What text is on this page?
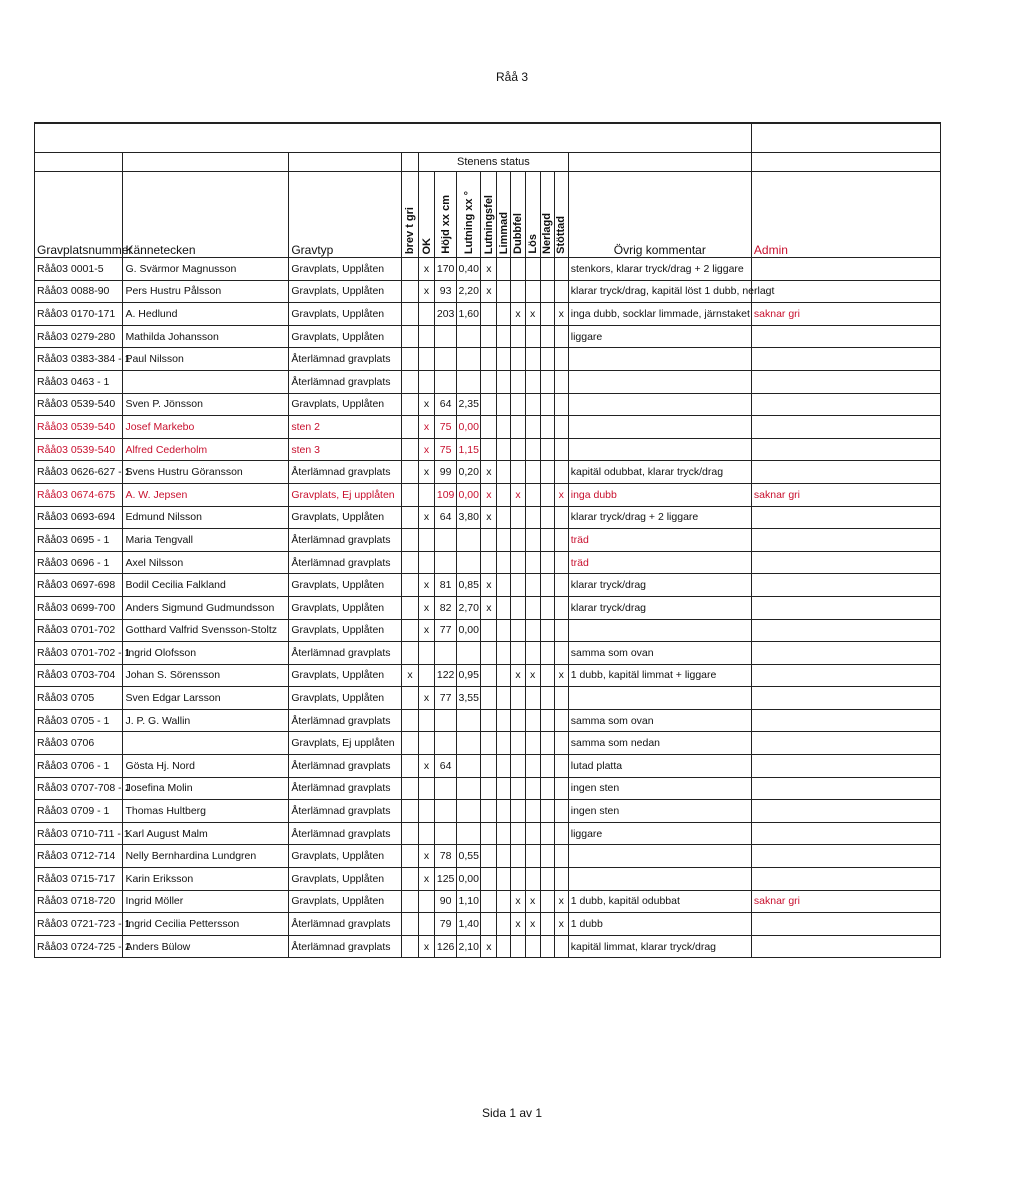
Råå 3

				Stenens status										
Gravplatsnummer	Kännetecken	Gravtyp	brev t gri	OK	Höjd xx cm	Lutning xx °	Lutningsfel	Limmad	Dubbfel	Lös	Nerlagd	Stöttad	Övrig kommentar	Admin
Råå03 0001-5	G. Svärmor Magnusson	Gravplats, Upplåten		x	170	0,40	x						stenkors, klarar tryck/drag + 2 liggare	
Råå03 0088-90	Pers Hustru Pålsson	Gravplats, Upplåten		x	93	2,20	x						klarar tryck/drag, kapitäl löst 1 dubb, nerlagt	
Råå03 0170-171	A. Hedlund	Gravplats, Upplåten			203	1,60			x	x		x	inga dubb, socklar limmade, järnstaket	saknar gri
Råå03 0279-280	Mathilda Johansson	Gravplats, Upplåten											liggare	
Råå03 0383-384 - 1	Paul Nilsson	Återlämnad gravplats												
Råå03 0463 - 1		Återlämnad gravplats												
Råå03 0539-540	Sven P. Jönsson	Gravplats, Upplåten		x	64	2,35								
Råå03 0539-540	Josef Markebo	sten 2		x	75	0,00								
Råå03 0539-540	Alfred Cederholm	sten 3		x	75	1,15								
Råå03 0626-627 - 1	Svens Hustru Göransson	Återlämnad gravplats		x	99	0,20	x						kapitäl odubbat, klarar tryck/drag	
Råå03 0674-675	A. W. Jepsen	Gravplats, Ej upplåten			109	0,00	x		x			x	inga dubb	saknar gri
Råå03 0693-694	Edmund Nilsson	Gravplats, Upplåten		x	64	3,80	x						klarar tryck/drag + 2 liggare	
Råå03 0695 - 1	Maria Tengvall	Återlämnad gravplats											träd	
Råå03 0696 - 1	Axel Nilsson	Återlämnad gravplats											träd	
Råå03 0697-698	Bodil Cecilia Falkland	Gravplats, Upplåten		x	81	0,85	x						klarar tryck/drag	
Råå03 0699-700	Anders Sigmund Gudmundsson	Gravplats, Upplåten		x	82	2,70	x						klarar tryck/drag	
Råå03 0701-702	Gotthard Valfrid Svensson-Stoltz	Gravplats, Upplåten		x	77	0,00								
Råå03 0701-702 - 1	Ingrid Olofsson	Återlämnad gravplats											samma som ovan	
Råå03 0703-704	Johan S. Sörensson	Gravplats, Upplåten	x		122	0,95			x	x		x	1 dubb, kapitäl limmat + liggare	
Råå03 0705	Sven Edgar Larsson	Gravplats, Upplåten		x	77	3,55								
Råå03 0705 - 1	J. P. G. Wallin	Återlämnad gravplats											samma som ovan	
Råå03 0706		Gravplats, Ej upplåten											samma som nedan	
Råå03 0706 - 1	Gösta Hj. Nord	Återlämnad gravplats		x	64								lutad platta	
Råå03 0707-708 - 1	Josefina Molin	Återlämnad gravplats											ingen sten	
Råå03 0709 - 1	Thomas Hultberg	Återlämnad gravplats											ingen sten	
Råå03 0710-711 - 1	Karl August Malm	Återlämnad gravplats											liggare	
Råå03 0712-714	Nelly Bernhardina Lundgren	Gravplats, Upplåten		x	78	0,55								
Råå03 0715-717	Karin Eriksson	Gravplats, Upplåten		x	125	0,00								
Råå03 0718-720	Ingrid Möller	Gravplats, Upplåten			90	1,10			x	x		x	1 dubb, kapitäl odubbat	saknar gri
Råå03 0721-723 - 1	Ingrid Cecilia Pettersson	Återlämnad gravplats			79	1,40			x	x		x	1 dubb	
Råå03 0724-725 - 1	Anders Bülow	Återlämnad gravplats		x	126	2,10	x						kapitäl limmat, klarar tryck/drag	
Sida 1 av 1
